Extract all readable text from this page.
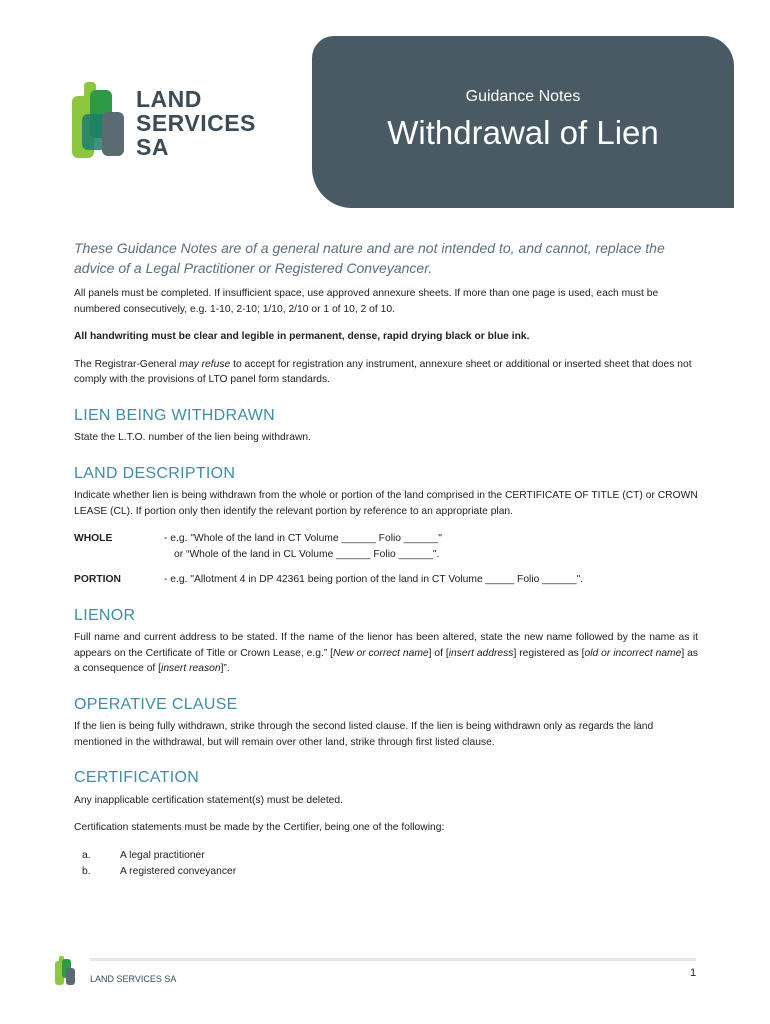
Guidance Notes
Withdrawal of Lien
LAND
SERVICES
SA

These Guidance Notes are of a general nature and are not intended to, and cannot, replace the advice of a Legal Practitioner or Registered Conveyancer.

All panels must be completed. If insufficient space, use approved annexure sheets. If more than one page is used, each must be numbered consecutively, e.g. 1-10, 2-10; 1/10, 2/10 or 1 of 10, 2 of 10.

All handwriting must be clear and legible in permanent, dense, rapid drying black or blue ink.

The Registrar-General may refuse to accept for registration any instrument, annexure sheet or additional or inserted sheet that does not comply with the provisions of LTO panel form standards.

LIEN BEING WITHDRAWN

State the L.T.O. number of the lien being withdrawn.

LAND DESCRIPTION

Indicate whether lien is being withdrawn from the whole or portion of the land comprised in the CERTIFICATE OF TITLE (CT) or CROWN LEASE (CL). If portion only then identify the relevant portion by reference to an appropriate plan.

WHOLE	- e.g. "Whole of the land in CT Volume ______ Folio ______"
or “Whole of the land in CL Volume ______ Folio ______".
PORTION	- e.g. "Allotment 4 in DP 42361 being portion of the land in CT Volume _____ Folio ______".
LIENOR

Full name and current address to be stated. If the name of the lienor has been altered, state the new name followed by the name as it appears on the Certificate of Title or Crown Lease, e.g.” [New or correct name] of [insert address] registered as [old or incorrect name] as a consequence of [insert reason]”.

OPERATIVE CLAUSE

If the lien is being fully withdrawn, strike through the second listed clause. If the lien is being withdrawn only as regards the land mentioned in the withdrawal, but will remain over other land, strike through first listed clause.

CERTIFICATION

Any inapplicable certification statement(s) must be deleted.

Certification statements must be made by the Certifier, being one of the following:

a.	A legal practitioner
b.	A registered conveyancer
LAND SERVICES SA	1
